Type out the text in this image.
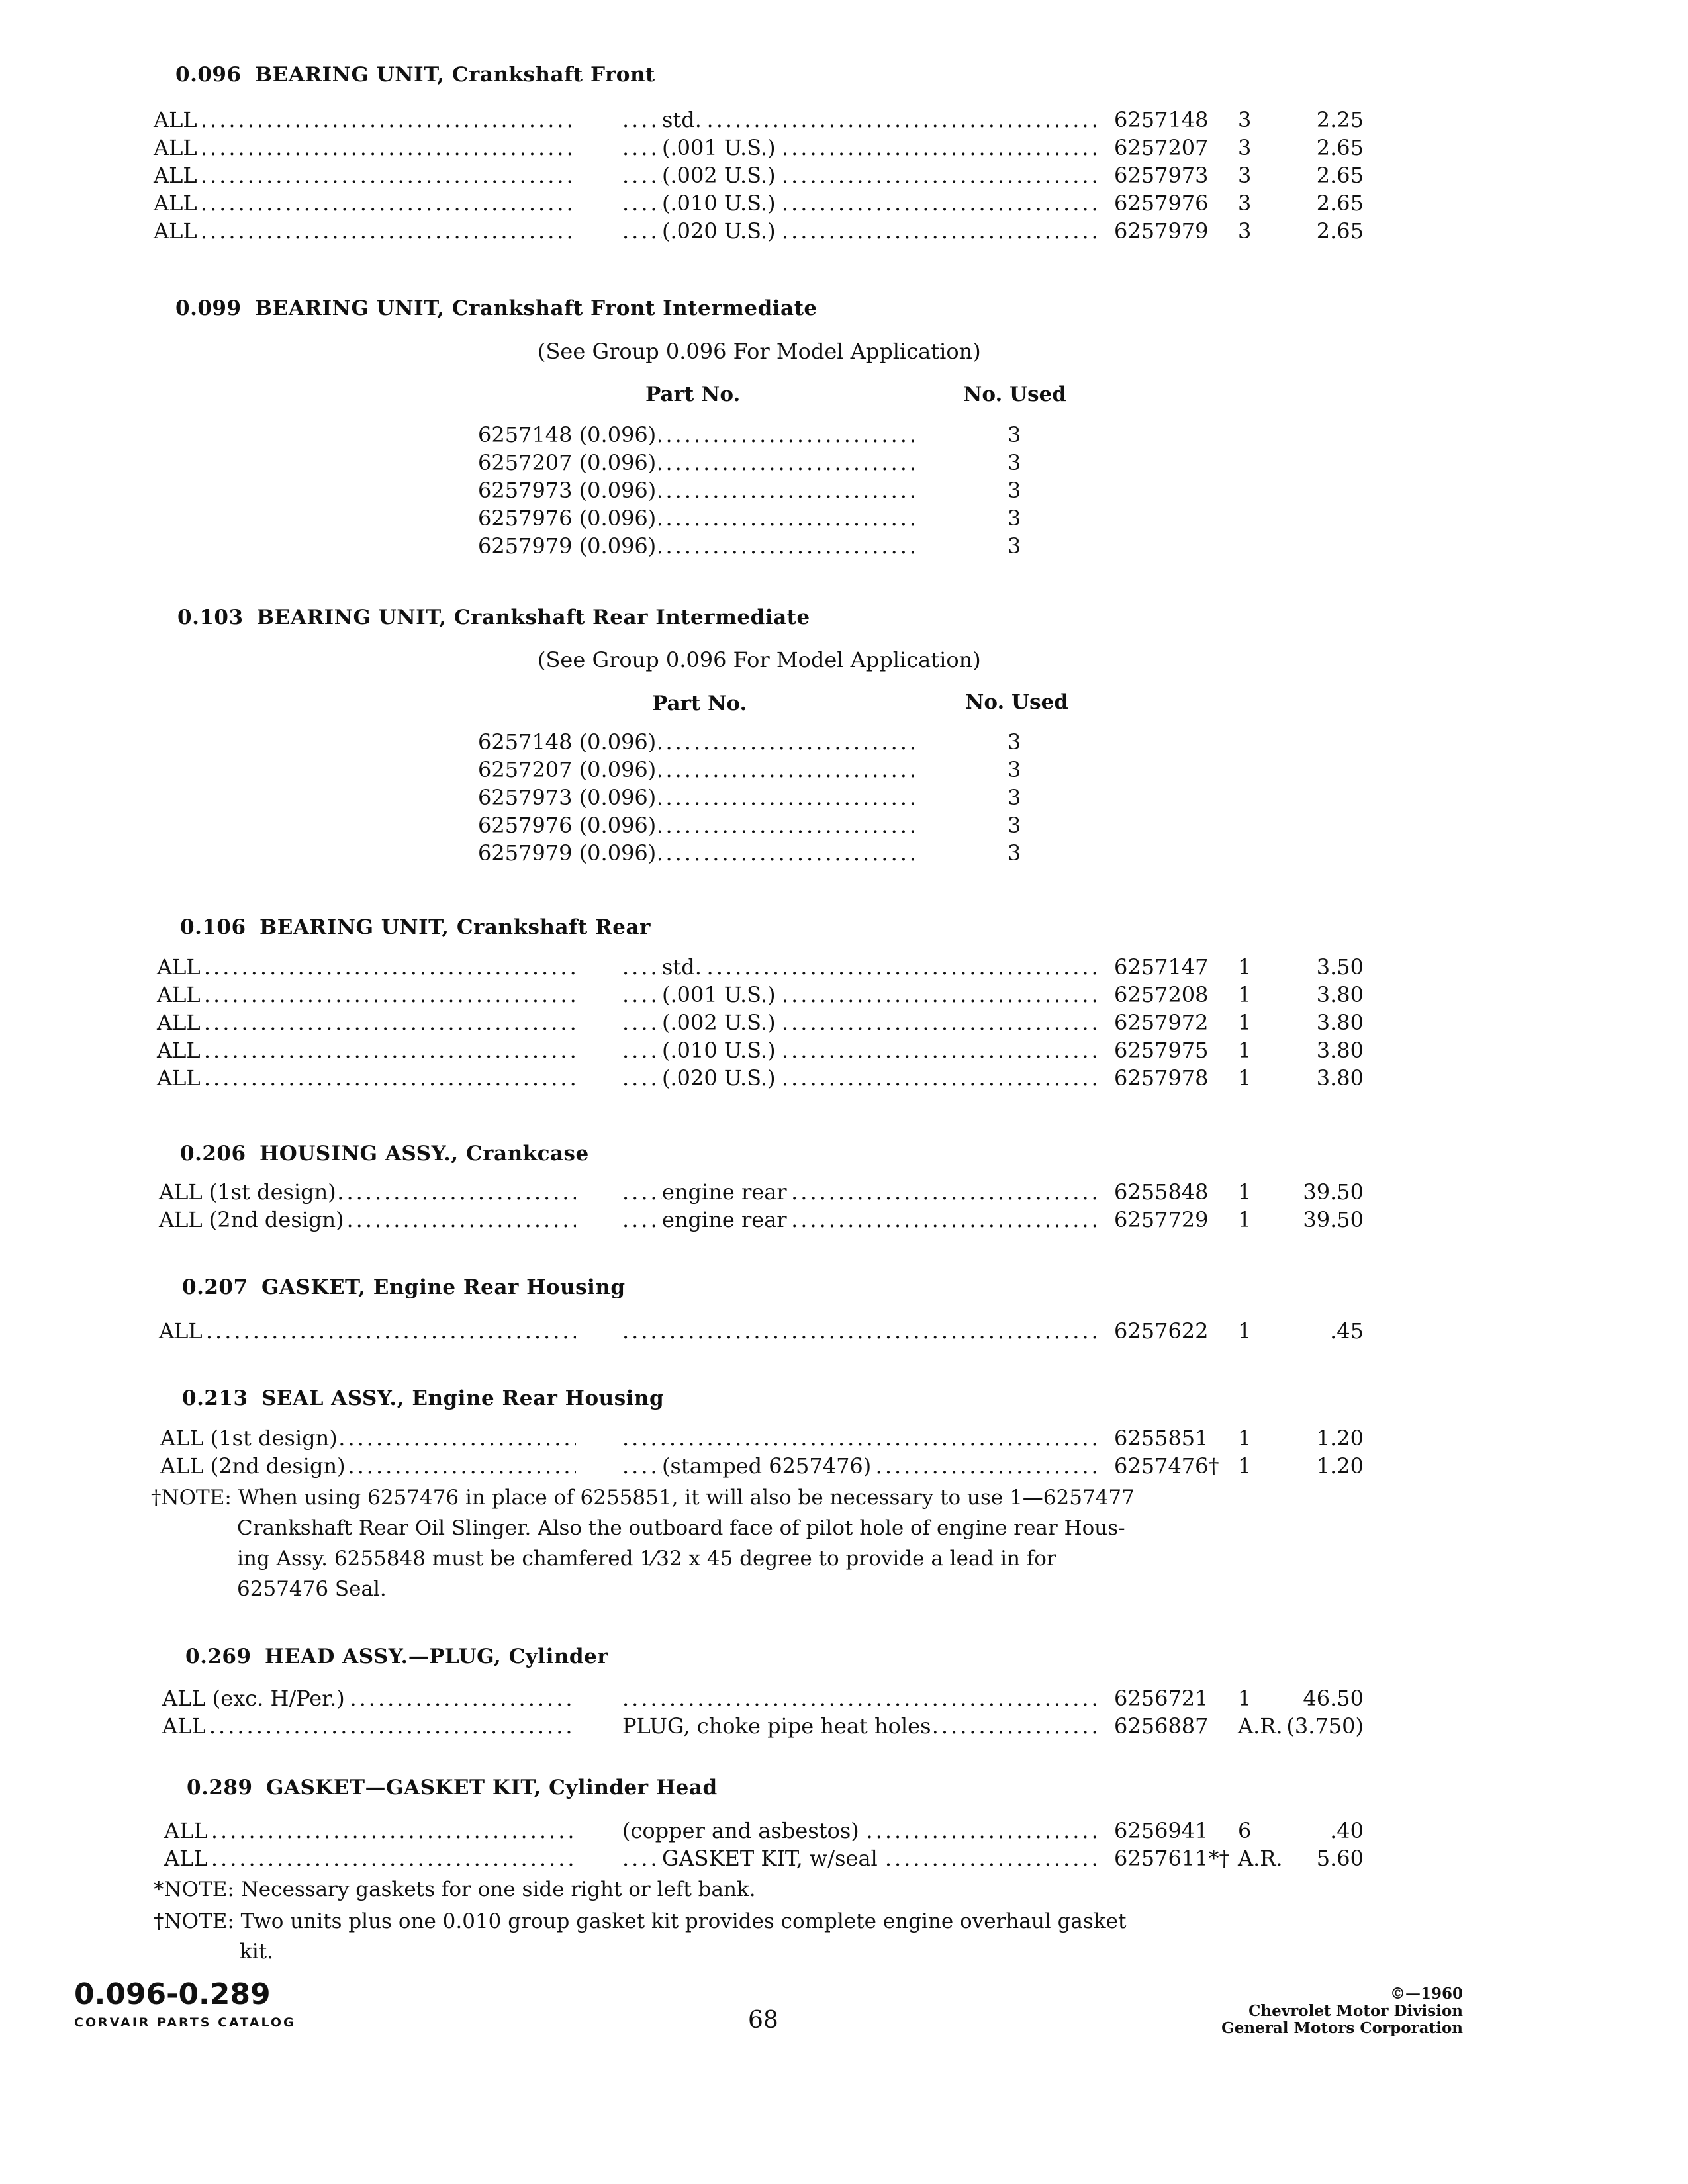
0.096 BEARING UNIT, Crankshaft Front
.....
ALL .....	std.	6257148 3	2.25
.....
ALL .....	(.001 U.S.)	6257207 3	2.65
.....
ALL .....	(.002 U.S.)	6257973 3	2.65
.....
ALL .....	(.010 U.S.)	6257976 3	2.65
.....
ALL .....	(.020 U.S.)	6257979 3	2.65
0.099 BEARING UNIT, Crankshaft Front Intermediate
(See Group 0.096 For Model Application)
Part No.	No. Used
.....
6257148 (0.096)	3
.....
6257207 (0.096)	3
.....
6257973 (0.096)	3
.....
6257976 (0.096)	3
.....
6257979 (0.096)	3
0.103 BEARING UNIT, Crankshaft Rear Intermediate
(See Group 0.096 For Model Application)
Part No.	No. Used
.....
6257148 (0.096)	3
.....
6257207 (0.096)	3
.....
6257973 (0.096)	3
.....
6257976 (0.096)	3
.....
6257979 (0.096)	3
0.106 BEARING UNIT, Crankshaft Rear
.....
ALL .....	std.	6257147 1	3.50
.....
ALL .....	(.001 U.S.)	6257208 1	3.80
.....
ALL .....	(.002 U.S.)	6257972 1	3.80
.....
ALL .....	(.010 U.S.)	6257975 1	3.80
.....
ALL .....	(.020 U.S.)	6257978 1	3.80
0.206 HOUSING ASSY., Crankcase
.....
ALL (1st design) .....	engine rear	6255848 1	39.50
.....
ALL (2nd design) .....	engine rear	6257729 1	39.50
0.207 GASKET, Engine Rear Housing
.....
ALL .....	6257622 1	.45
0.213 SEAL ASSY., Engine Rear Housing
.....
ALL (1st design) .....	6255851 1	1.20
.....
ALL (2nd design) .....	(stamped 6257476)	6257476† 1	1.20
†NOTE: When using 6257476 in place of 6255851, it will also be necessary to use 1—6257477
Crankshaft Rear Oil Slinger. Also the outboard face of pilot hole of engine rear Hous-
ing Assy. 6255848 must be chamfered 1⁄32 x 45 degree to provide a lead in for
6257476 Seal.
0.269 HEAD ASSY.—PLUG, Cylinder
.....
ALL (exc. H/Per.) .....	6256721 1	46.50
.....
ALL .....	PLUG, choke pipe heat holes	6256887 A.R. (3.750)
0.289 GASKET—GASKET KIT, Cylinder Head
.....
ALL .....	(copper and asbestos)	6256941 6	.40
.....
ALL .....	GASKET KIT, w/seal	6257611*† A.R.	5.60
*NOTE: Necessary gaskets for one side right or left bank.
†NOTE: Two units plus one 0.010 group gasket kit provides complete engine overhaul gasket
kit.
0.096-0.289
CORVAIR PARTS CATALOG	68
©—1960
Chevrolet Motor Division
General Motors Corporation
